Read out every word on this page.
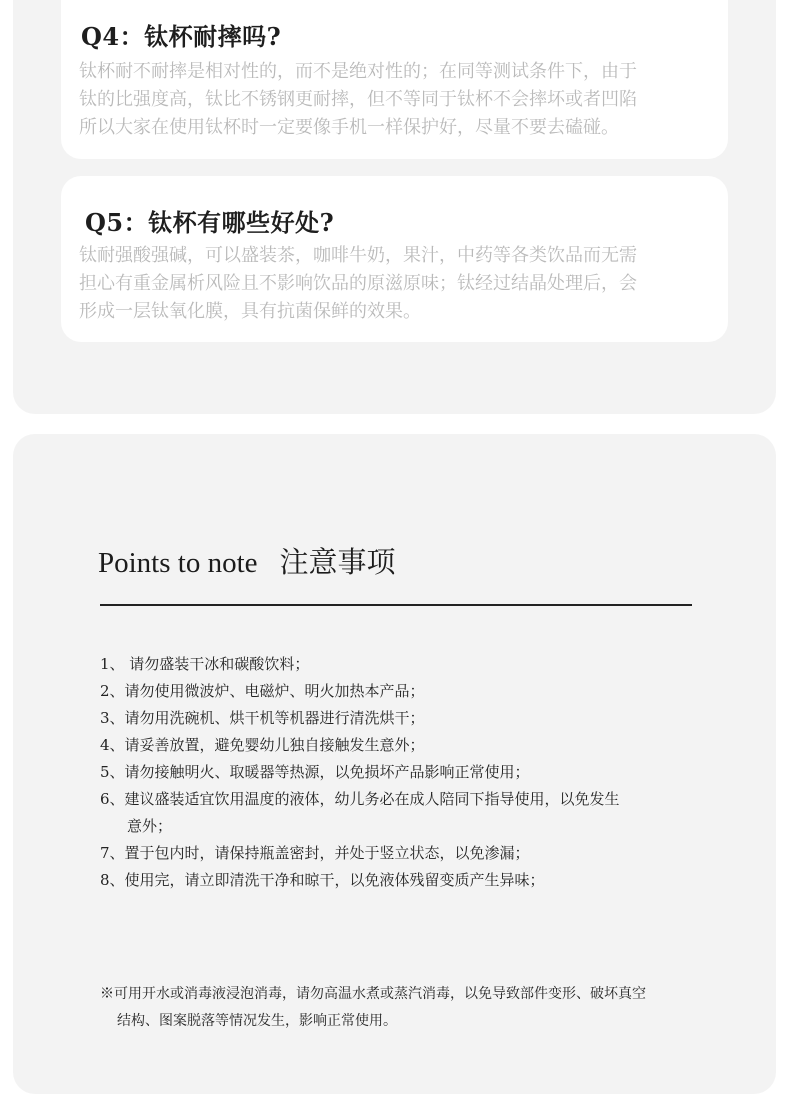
Q4：钛杯耐摔吗?
钛杯耐不耐摔是相对性的，而不是绝对性的；在同等测试条件下，由于
钛的比强度高，钛比不锈钢更耐摔，但不等同于钛杯不会摔坏或者凹陷
所以大家在使用钛杯时一定要像手机一样保护好，尽量不要去磕碰。
Q5：钛杯有哪些好处?
钛耐强酸强碱，可以盛装茶，咖啡牛奶，果汁，中药等各类饮品而无需
担心有重金属析风险且不影响饮品的原滋原味；钛经过结晶处理后，会
形成一层钛氧化膜，具有抗菌保鲜的效果。
Points to note 注意事项
1、 请勿盛装干冰和碳酸饮料；
2、请勿使用微波炉、电磁炉、明火加热本产品；
3、请勿用洗碗机、烘干机等机器进行清洗烘干；
4、请妥善放置，避免婴幼儿独自接触发生意外；
5、请勿接触明火、取暖器等热源，以免损坏产品影响正常使用；
6、建议盛装适宜饮用温度的液体，幼儿务必在成人陪同下指导使用，以免发生
意外；
7、置于包内时，请保持瓶盖密封，并处于竖立状态，以免渗漏；
8、使用完，请立即清洗干净和晾干，以免液体残留变质产生异味；
※可用开水或消毒液浸泡消毒，请勿高温水煮或蒸汽消毒，以免导致部件变形、破坏真空
结构、图案脱落等情况发生，影响正常使用。
